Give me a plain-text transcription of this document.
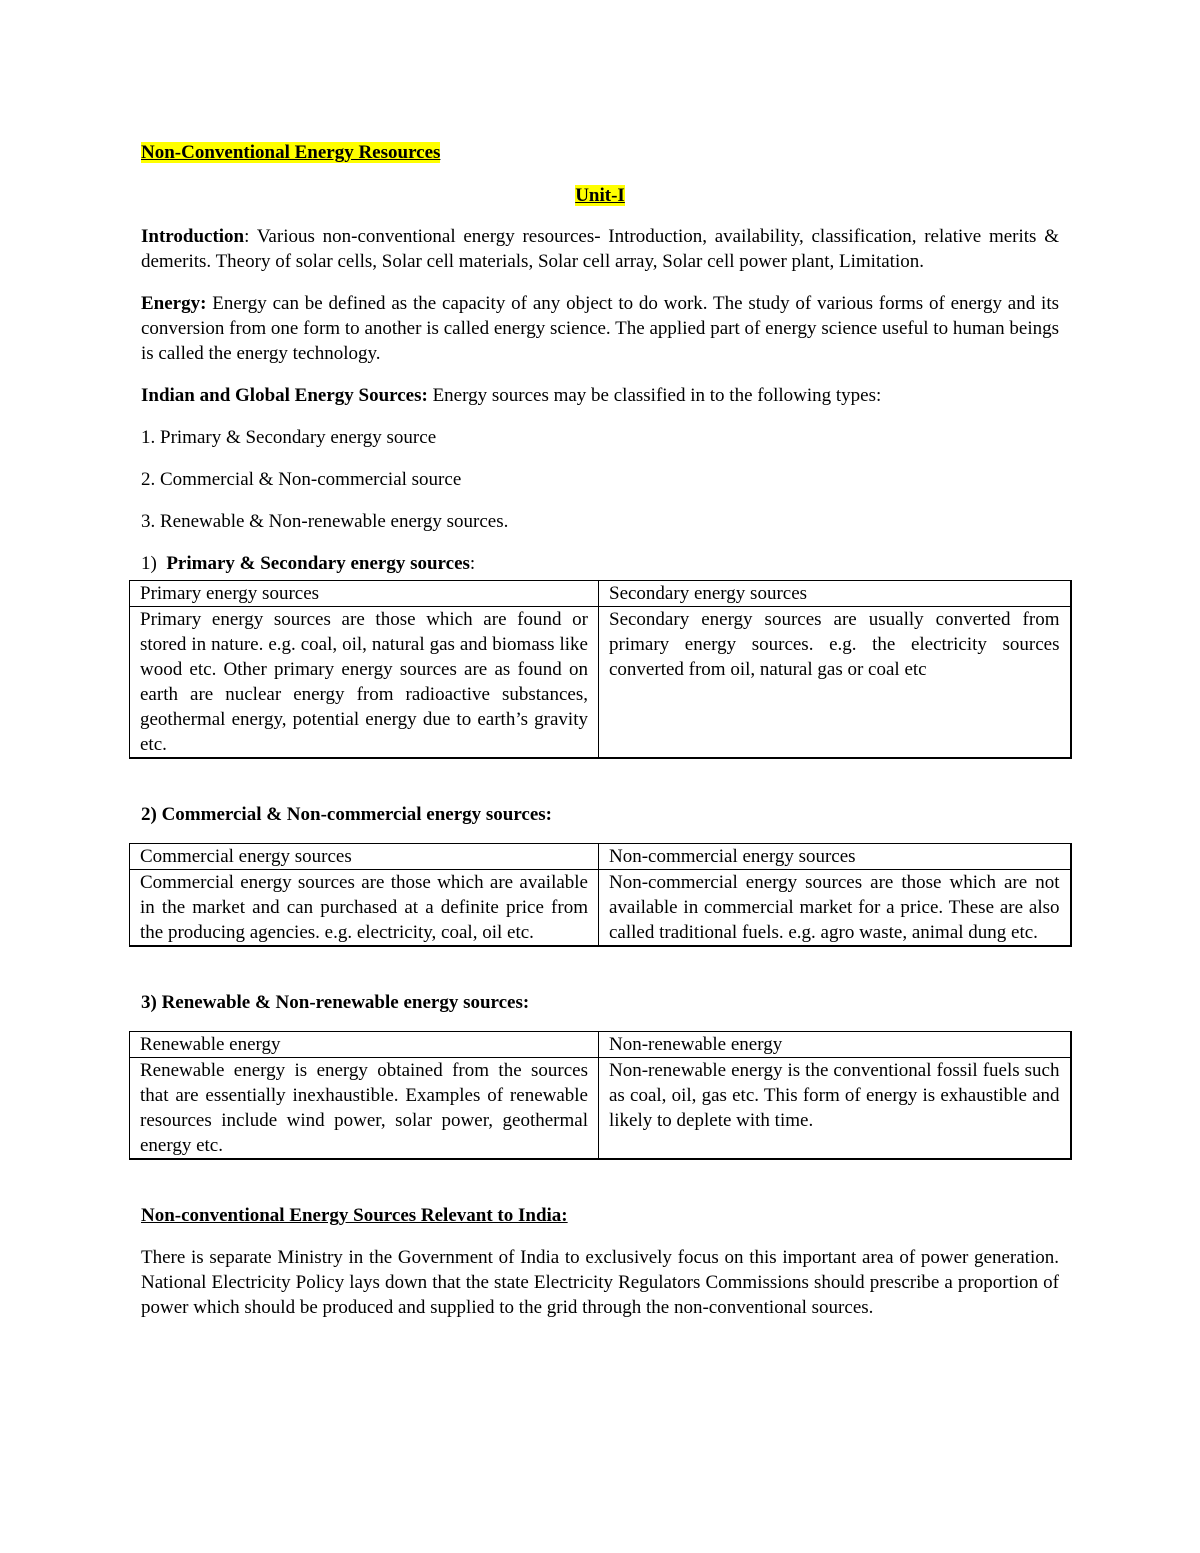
Non-Conventional Energy Resources

Unit-I

Introduction: Various non-conventional energy resources- Introduction, availability, classification, relative merits & demerits. Theory of solar cells, Solar cell materials, Solar cell array, Solar cell power plant, Limitation.

Energy: Energy can be defined as the capacity of any object to do work. The study of various forms of energy and its conversion from one form to another is called energy science. The applied part of energy science useful to human beings is called the energy technology.

Indian and Global Energy Sources: Energy sources may be classified in to the following types:

1. Primary & Secondary energy source

2. Commercial & Non-commercial source

3. Renewable & Non-renewable energy sources.

1) Primary & Secondary energy sources:

Primary energy sources	Secondary energy sources
Primary energy sources are those which are found or stored in nature. e.g. coal, oil, natural gas and biomass like wood etc. Other primary energy sources are as found on earth are nuclear energy from radioactive substances, geothermal energy, potential energy due to earth’s gravity etc.	Secondary energy sources are usually converted from primary energy sources. e.g. the electricity sources converted from oil, natural gas or coal etc

2) Commercial & Non-commercial energy sources:

Commercial energy sources	Non-commercial energy sources
Commercial energy sources are those which are available in the market and can purchased at a definite price from the producing agencies. e.g. electricity, coal, oil etc.	Non-commercial energy sources are those which are not available in commercial market for a price. These are also called traditional fuels. e.g. agro waste, animal dung etc.

3) Renewable & Non-renewable energy sources:

Renewable energy	Non-renewable energy
Renewable energy is energy obtained from the sources that are essentially inexhaustible. Examples of renewable resources include wind power, solar power, geothermal energy etc.	Non-renewable energy is the conventional fossil fuels such as coal, oil, gas etc. This form of energy is exhaustible and likely to deplete with time.

Non-conventional Energy Sources Relevant to India:

There is separate Ministry in the Government of India to exclusively focus on this important area of power generation. National Electricity Policy lays down that the state Electricity Regulators Commissions should prescribe a proportion of power which should be produced and supplied to the grid through the non-conventional sources.
